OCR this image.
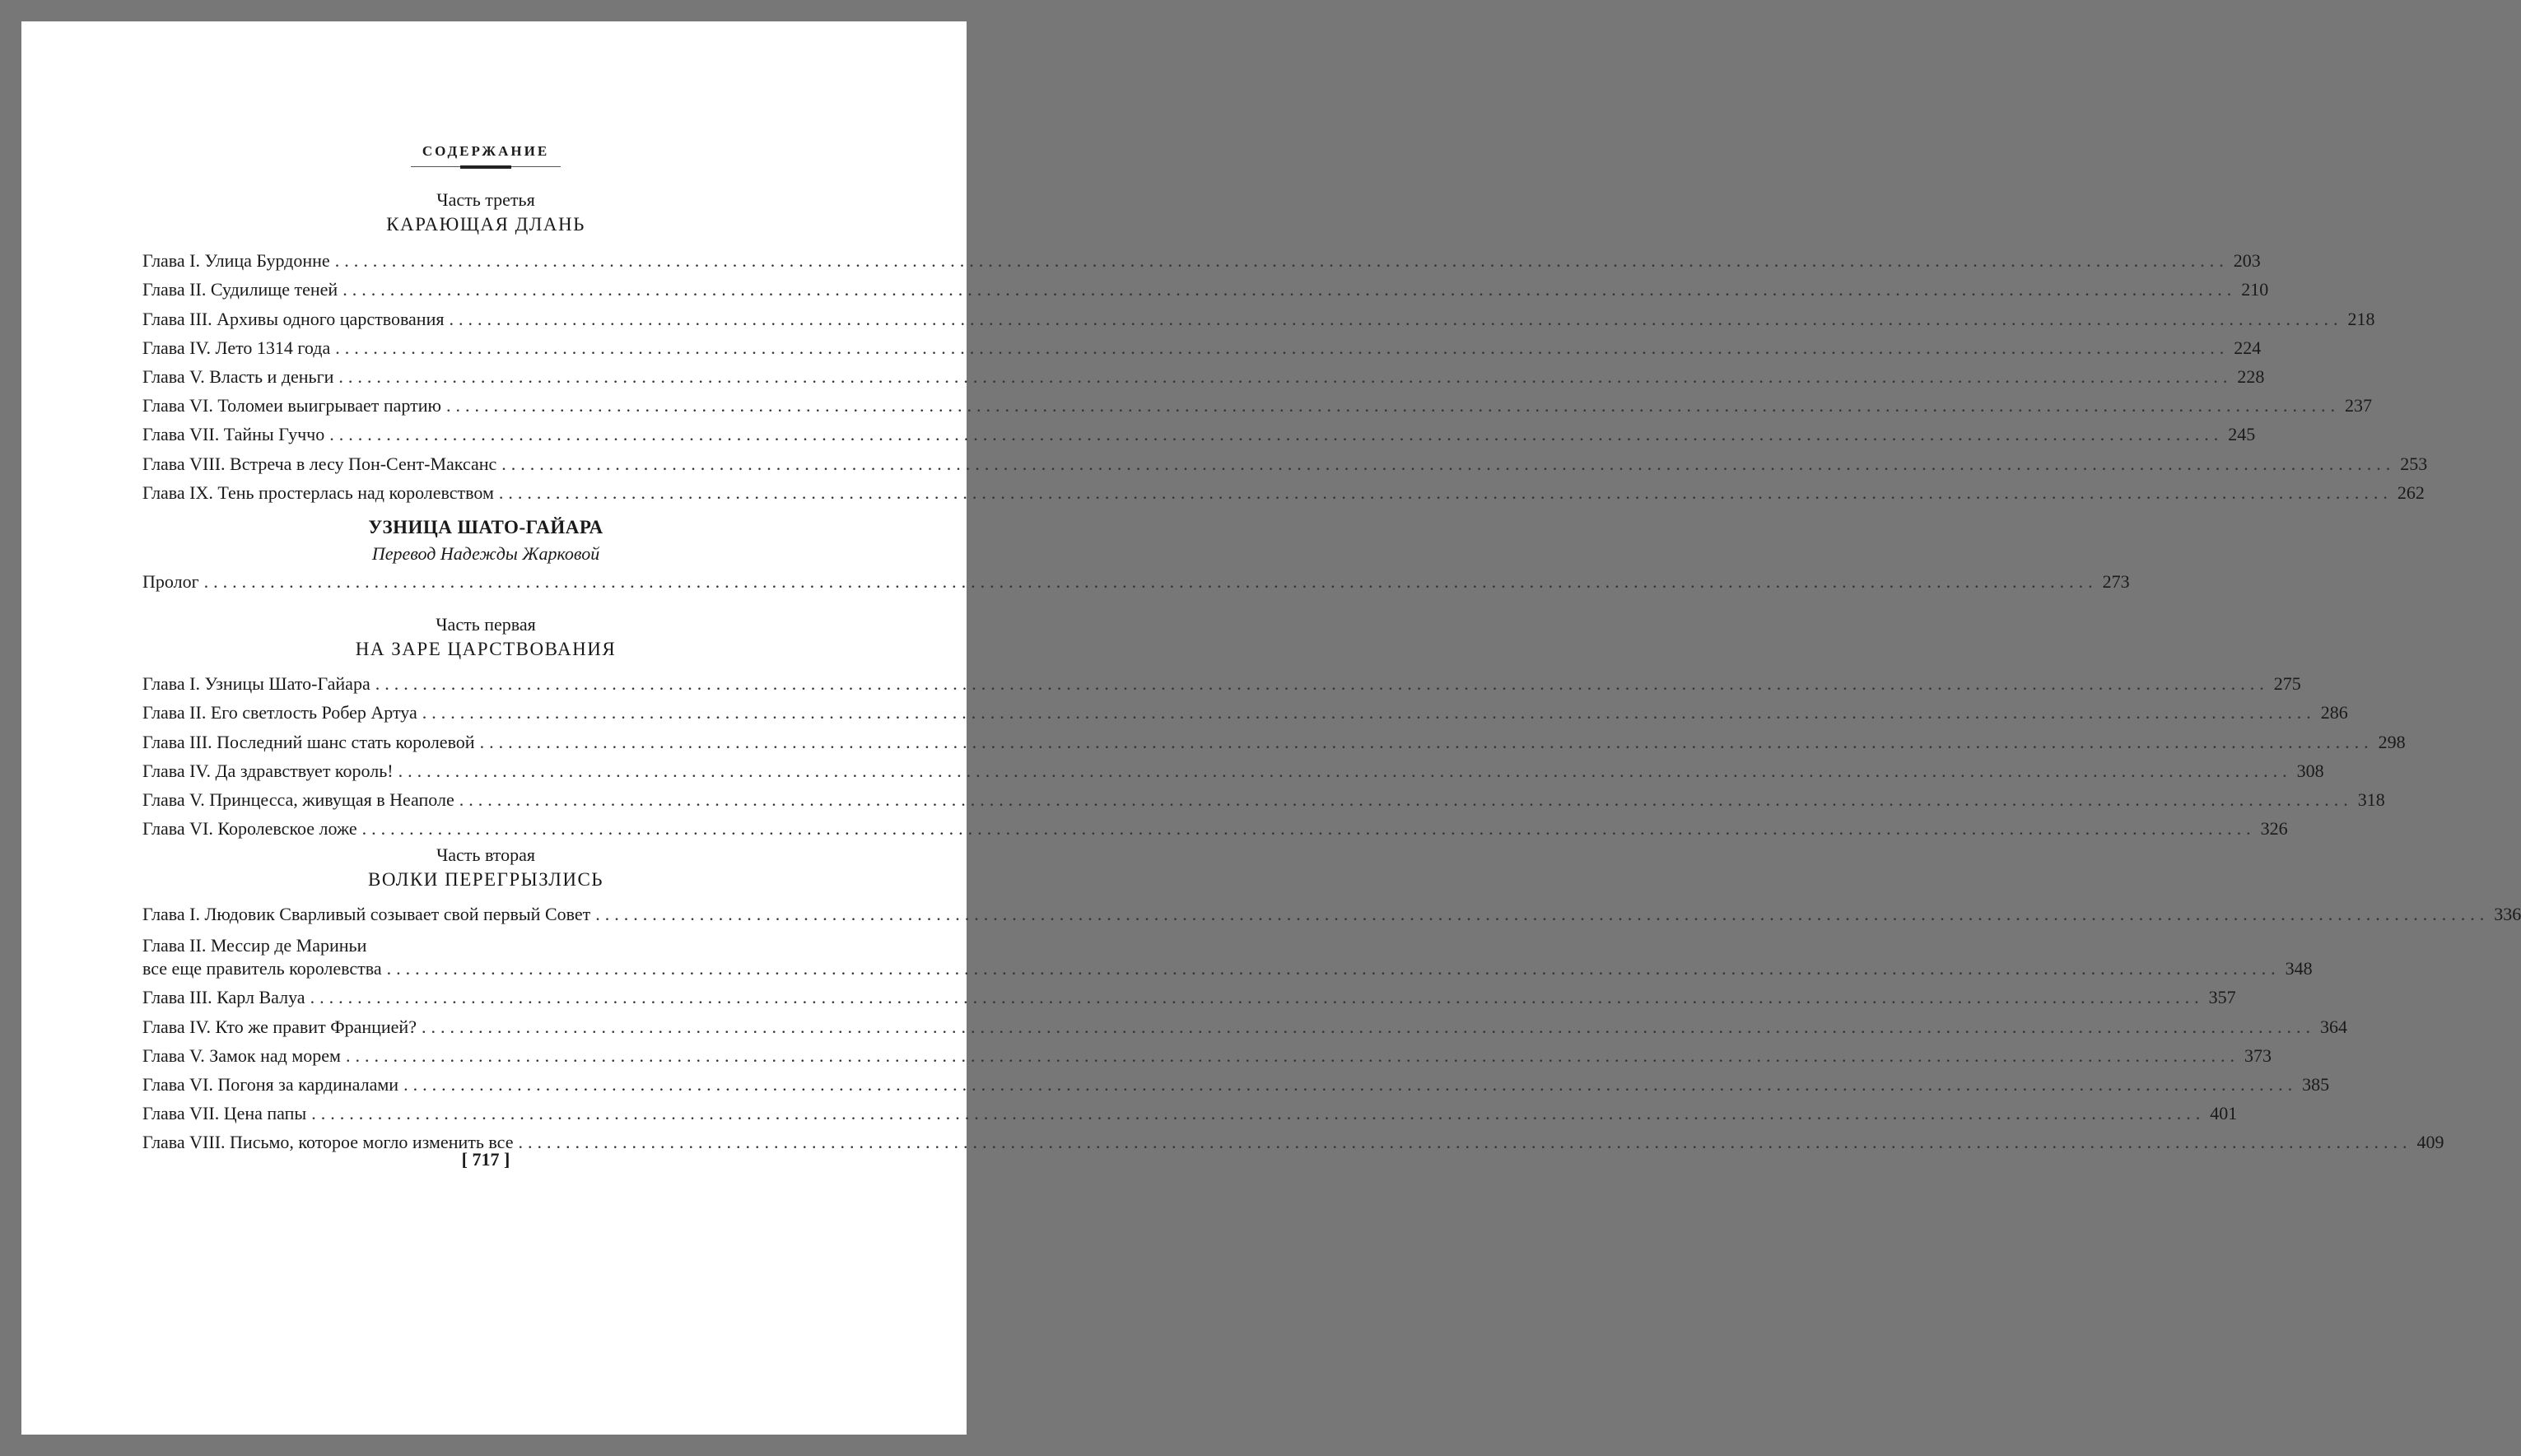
СОДЕРЖАНИЕ
Часть третья
КАРАЮЩАЯ ДЛАНЬ
Глава I. Улица Бурдонне ........................................................................................................................................................................................................ 203
Глава II. Судилище теней ........................................................................................................................................................................................................ 210
Глава III. Архивы одного царствования ........................................................................................................................................................................................................ 218
Глава IV. Лето 1314 года ........................................................................................................................................................................................................ 224
Глава V. Власть и деньги ........................................................................................................................................................................................................ 228
Глава VI. Толомеи выигрывает партию ........................................................................................................................................................................................................ 237
Глава VII. Тайны Гуччо ........................................................................................................................................................................................................ 245
Глава VIII. Встреча в лесу Пон-Сент-Максанс ........................................................................................................................................................................................................ 253
Глава IX. Тень простерлась над королевством ........................................................................................................................................................................................................ 262
УЗНИЦА ШАТО-ГАЙАРА
Перевод Надежды Жарковой
Пролог ........................................................................................................................................................................................................ 273
Часть первая
НА ЗАРЕ ЦАРСТВОВАНИЯ
Глава I. Узницы Шато-Гайара ........................................................................................................................................................................................................ 275
Глава II. Его светлость Робер Артуа ........................................................................................................................................................................................................ 286
Глава III. Последний шанс стать королевой ........................................................................................................................................................................................................ 298
Глава IV. Да здравствует король! ........................................................................................................................................................................................................ 308
Глава V. Принцесса, живущая в Неаполе ........................................................................................................................................................................................................ 318
Глава VI. Королевское ложе ........................................................................................................................................................................................................ 326
Часть вторая
ВОЛКИ ПЕРЕГРЫЗЛИСЬ
Глава I. Людовик Сварливый созывает свой первый Совет ........................................................................................................................................................................................................ 336
Глава II. Мессир де Мариньи
все еще правитель королевства ........................................................................................................................................................................................................ 348
Глава III. Карл Валуа ........................................................................................................................................................................................................ 357
Глава IV. Кто же правит Францией? ........................................................................................................................................................................................................ 364
Глава V. Замок над морем ........................................................................................................................................................................................................ 373
Глава VI. Погоня за кардиналами ........................................................................................................................................................................................................ 385
Глава VII. Цена папы ........................................................................................................................................................................................................ 401
Глава VIII. Письмо, которое могло изменить все ........................................................................................................................................................................................................ 409
[ 717 ]
